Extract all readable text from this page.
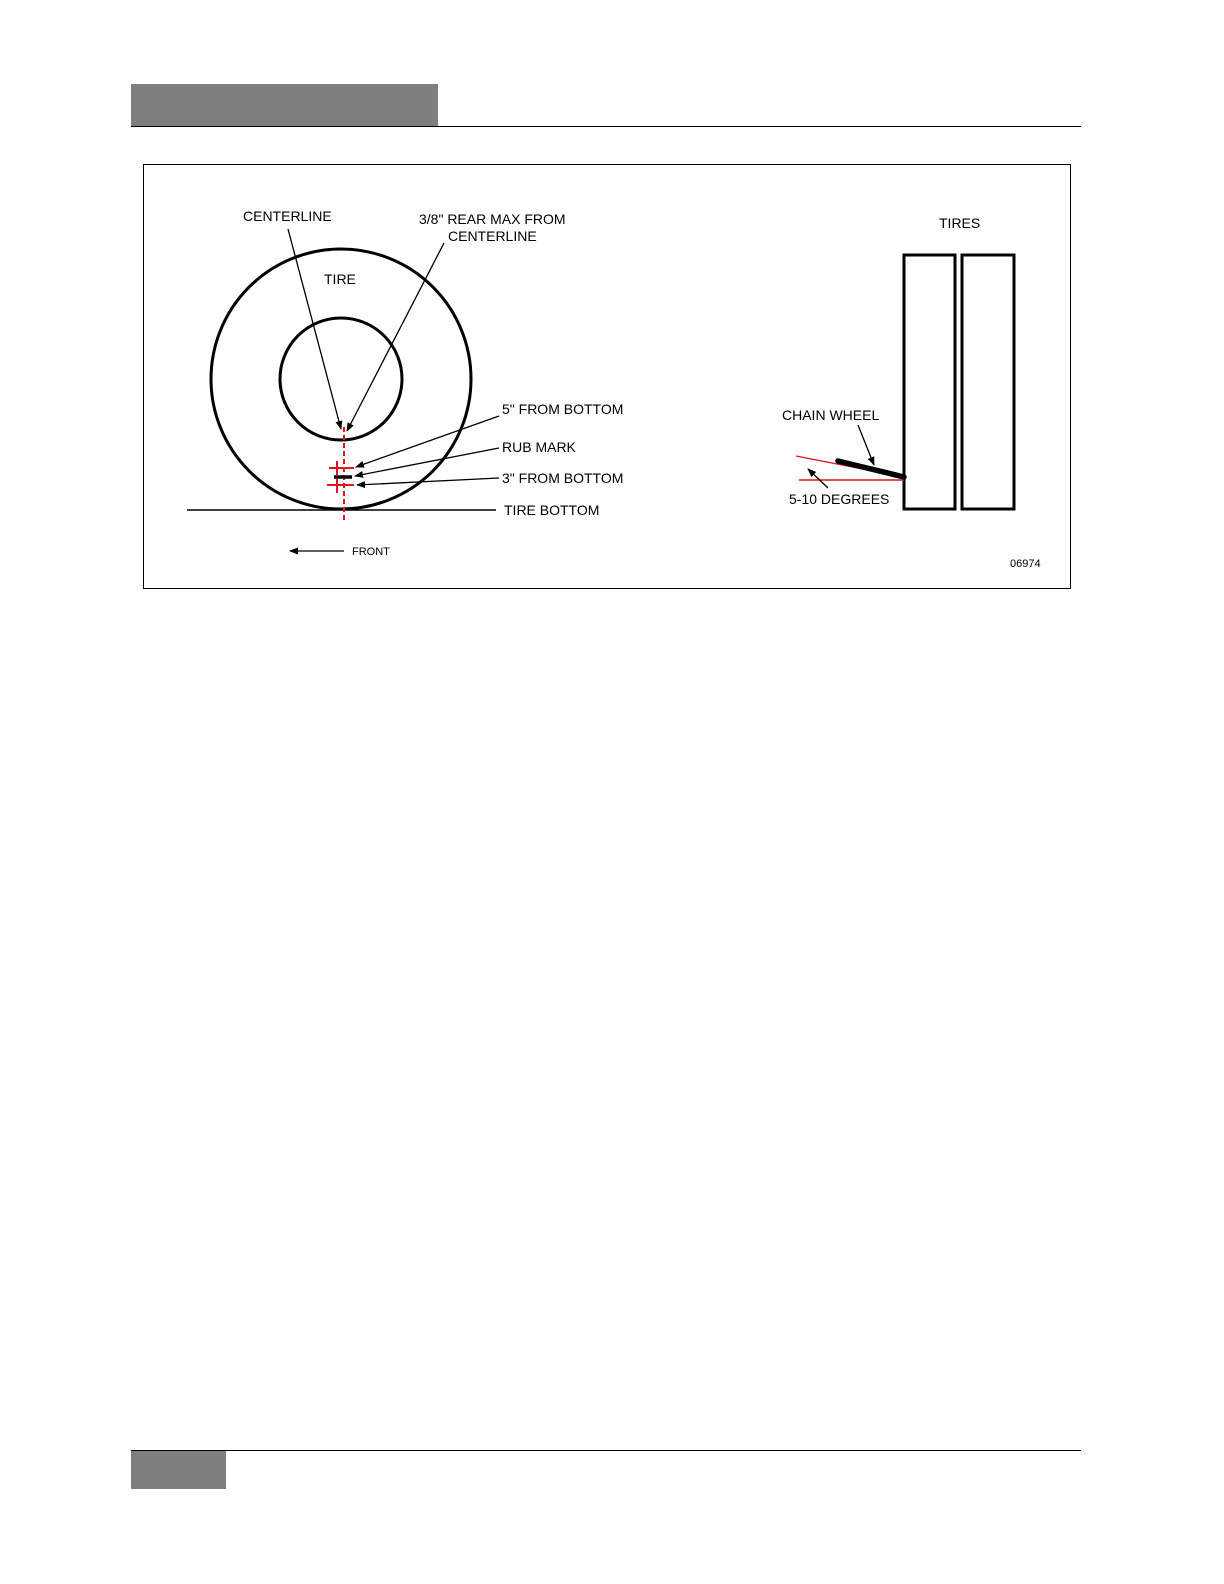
CENTERLINE	3/8" REAR MAX FROM
CENTERLINE
TIRE
5" FROM BOTTOM
RUB MARK
3" FROM BOTTOM
TIRE BOTTOM
FRONT
TIRES
CHAIN WHEEL
5-10 DEGREES
06974
